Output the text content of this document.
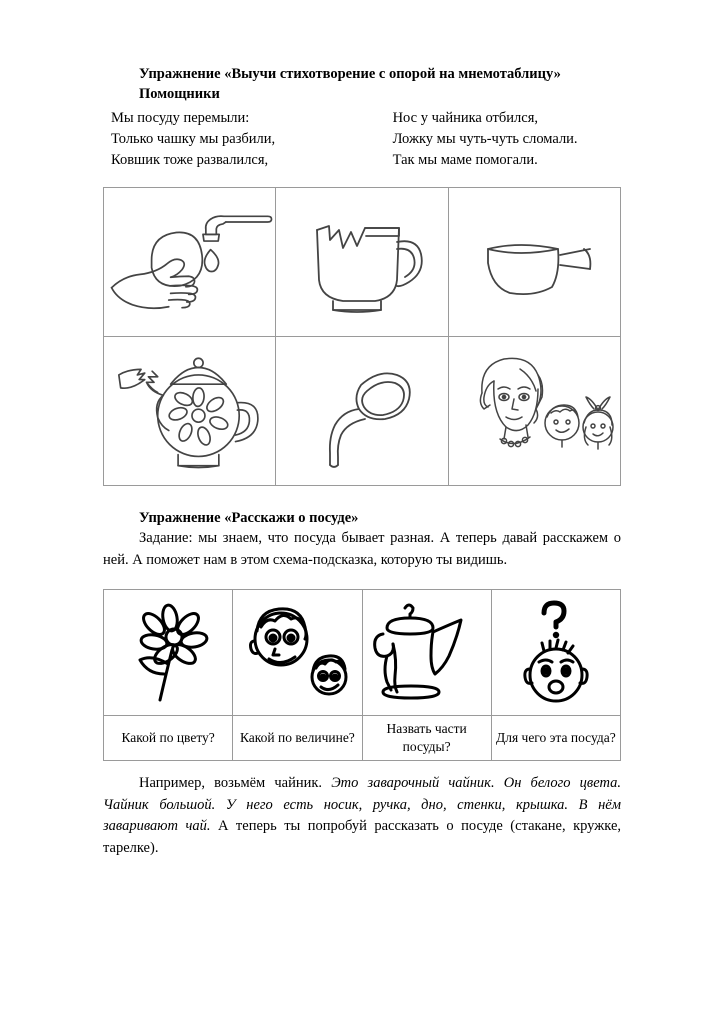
Упражнение «Выучи стихотворение с опорой на мнемотаблицу»

Помощники

Мы посуду перемыли:
Только чашку мы разбили,
Ковшик тоже развалился,
Нос у чайника отбился,
Ложку мы чуть-чуть сломали.
Так мы маме помогали.

Упражнение «Расскажи о посуде»

Задание: мы знаем, что посуда бывает разная. А теперь давай расскажем о ней. А поможет нам в этом схема-подсказка, которую ты видишь.

Какой по цвету?	Какой по величине?	Назвать части посуды?	Для чего эта посуда?

Например, возьмём чайник. Это заварочный чайник. Он белого цвета. Чайник большой. У него есть носик, ручка, дно, стенки, крышка. В нём заваривают чай. А теперь ты попробуй рассказать о посуде (стакане, кружке, тарелке).
